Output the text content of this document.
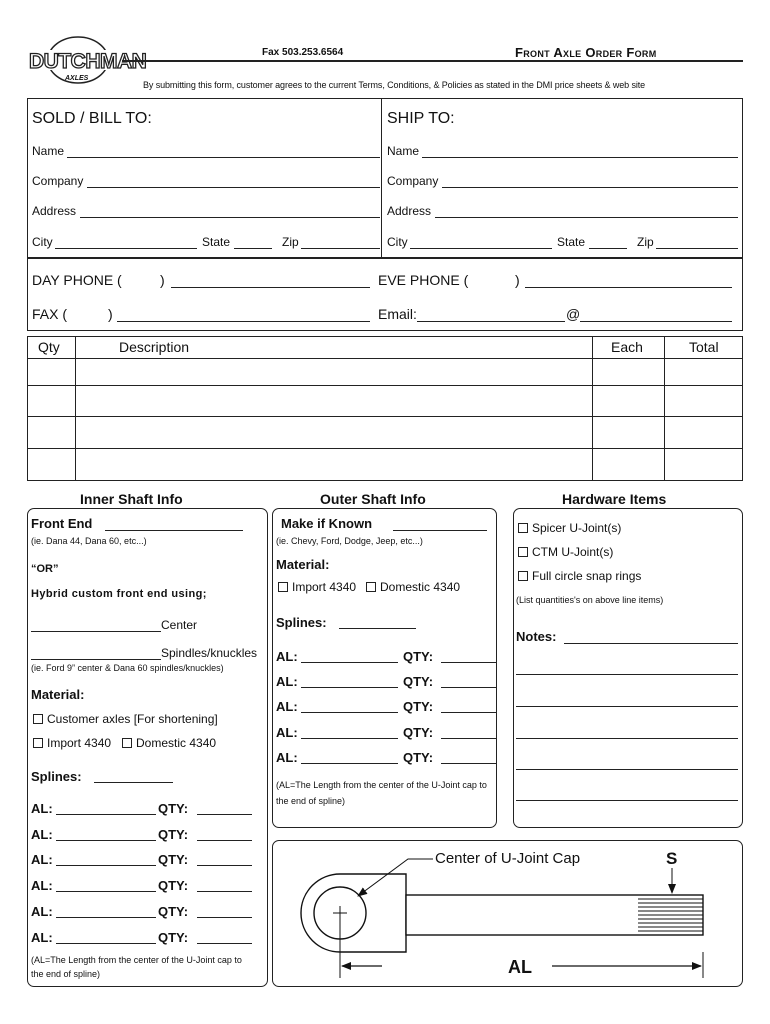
DUTCHMAN
AXLES
Fax 503.253.6564	Front Axle Order Form
By submitting this form, customer agrees to the current Terms, Conditions, & Policies as stated in the DMI price sheets & web site
SOLD / BILL TO:
Name
Company
Address
City	State	Zip
SHIP TO:
Name
Company
Address
City	State	Zip
DAY PHONE (	)	EVE PHONE (	)
FAX (	)	Email:	@
Qty	Description	Each	Total
Inner Shaft Info
Front End
(ie. Dana 44, Dana 60, etc...)
“OR”
Hybrid custom front end using;
Center
Spindles/knuckles
(ie. Ford 9” center & Dana 60 spindles/knuckles)
Material:
Customer axles [For shortening]
Import 4340	Domestic 4340
Splines:
AL:	QTY:
AL:	QTY:
AL:	QTY:
AL:	QTY:
AL:	QTY:
AL:	QTY:
(AL=The Length from the center of the U-Joint cap to the end of spline)
Outer Shaft Info
Make if Known
(ie. Chevy, Ford, Dodge, Jeep, etc...)
Material:
Import 4340	Domestic 4340
Splines:
AL:	QTY:
AL:	QTY:
AL:	QTY:
AL:	QTY:
AL:	QTY:
(AL=The Length from the center of the U-Joint cap to the end of spline)
Hardware Items
Spicer U-Joint(s)
CTM U-Joint(s)
Full circle snap rings
(List quantities's on above line items)
Notes:
Center of U-Joint Cap	S
AL
